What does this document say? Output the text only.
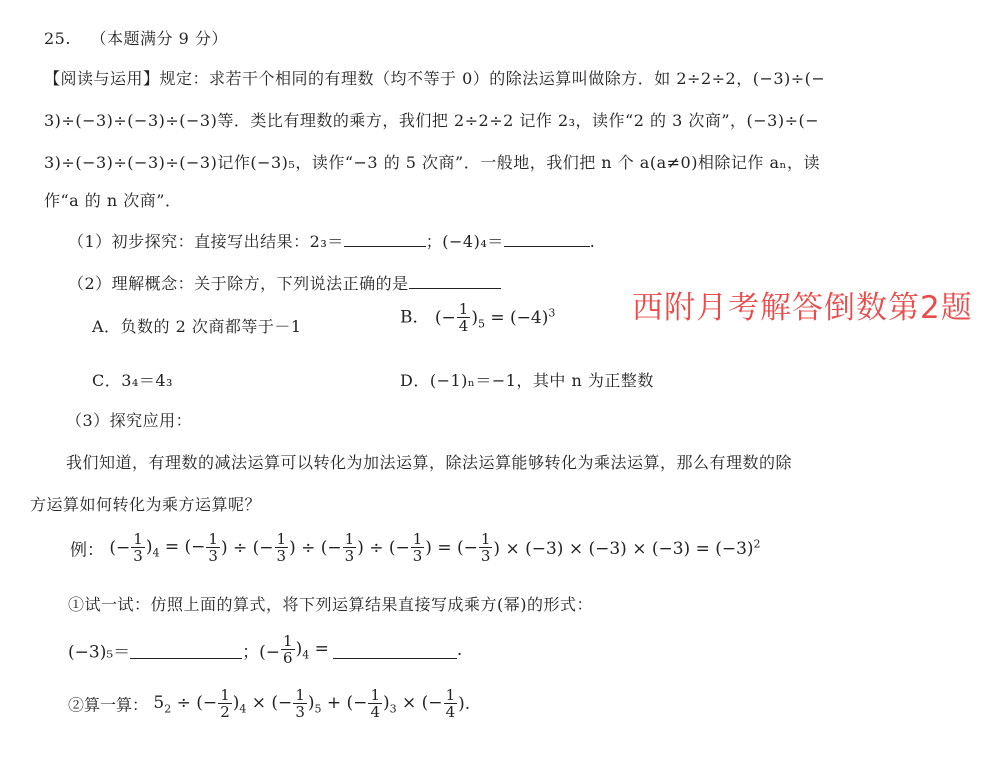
25. （本题满分 9 分）
【阅读与运用】规定：求若干个相同的有理数（均不等于 0）的除法运算叫做除方．如 2÷2÷2，(−3)÷(−
3)÷(−3)÷(−3)÷(−3)等．类比有理数的乘方，我们把 2÷2÷2 记作 2₃，读作“2 的 3 次商”，(−3)÷(−
3)÷(−3)÷(−3)÷(−3)记作(−3)₅，读作“−3 的 5 次商”．一般地，我们把 n 个 a(a≠0)相除记作 aₙ，读
作“a 的 n 次商”．
（1）初步探究：直接写出结果：2₃＝	；(−4)₄＝	.
（2）理解概念：关于除方，下列说法正确的是
A．负数的 2 次商都等于－1	B． (− $\frac{1}{4} )_5 = (-4)^3$
C．3₄＝4₃	D．(−1)ₙ＝−1，其中 n 为正整数
（3）探究应用：
我们知道，有理数的减法运算可以转化为加法运算，除法运算能够转化为乘法运算，那么有理数的除
方运算如何转化为乘方运算呢？
例： (− $\frac{1}{3} )_4$ = (− $\frac{1}{3}$ ) ÷ (− $\frac{1}{3}$ ) ÷ (− $\frac{1}{3}$ ) ÷ (− $\frac{1}{3}$ ) = (− $\frac{1}{3}$ ) × $(-3) \times (-3) \times (-3) = (-3)^2$
①试一试：仿照上面的算式，将下列运算结果直接写成乘方(幂)的形式：
(−3)₅＝	；(− $\frac{1}{6} )_4$ =	.
②算一算： $5_2$ ÷ (− $\frac{1}{2} )_4$ × (− $\frac{1}{3} )_5$ + (− $\frac{1}{4} )_3$ × (− $\frac{1}{4}$ ).
西附月考解答倒数第2题
